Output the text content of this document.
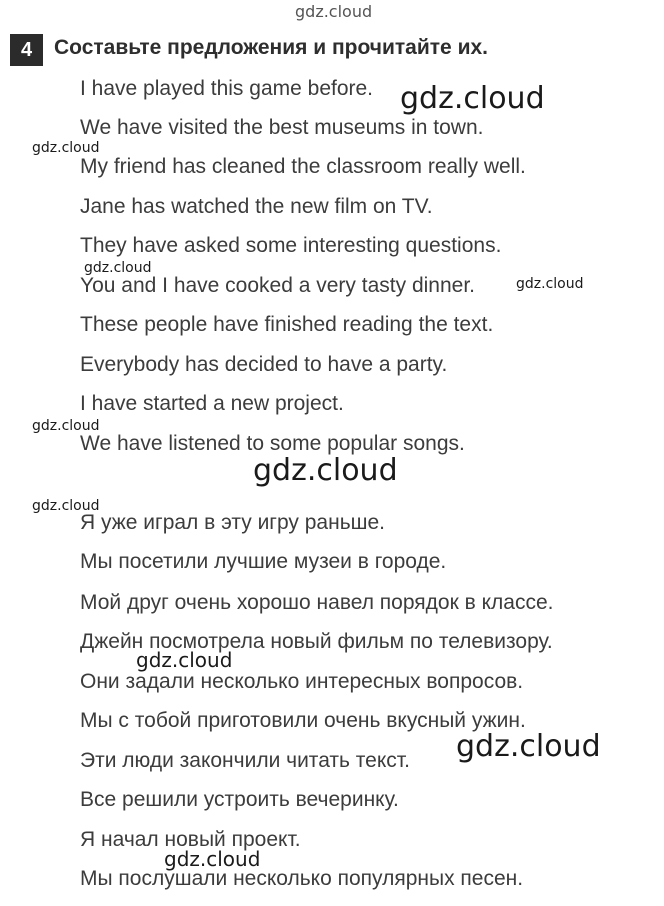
gdz.cloud
4	Составьте предложения и прочитайте их.
I have played this game before.
We have visited the best museums in town.
My friend has cleaned the classroom really well.
Jane has watched the new film on TV.
They have asked some interesting questions.
You and I have cooked a very tasty dinner.
These people have finished reading the text.
Everybody has decided to have a party.
I have started a new project.
We have listened to some popular songs.
Я уже играл в эту игру раньше.
Мы посетили лучшие музеи в городе.
Мой друг очень хорошо навел порядок в классе.
Джейн посмотрела новый фильм по телевизору.
Они задали несколько интересных вопросов.
Мы с тобой приготовили очень вкусный ужин.
Эти люди закончили читать текст.
Все решили устроить вечеринку.
Я начал новый проект.
Мы послушали несколько популярных песен.
gdz.cloud
gdz.cloud
gdz.cloud
gdz.cloud
gdz.cloud
gdz.cloud
gdz.cloud
gdz.cloud
gdz.cloud
gdz.cloud
